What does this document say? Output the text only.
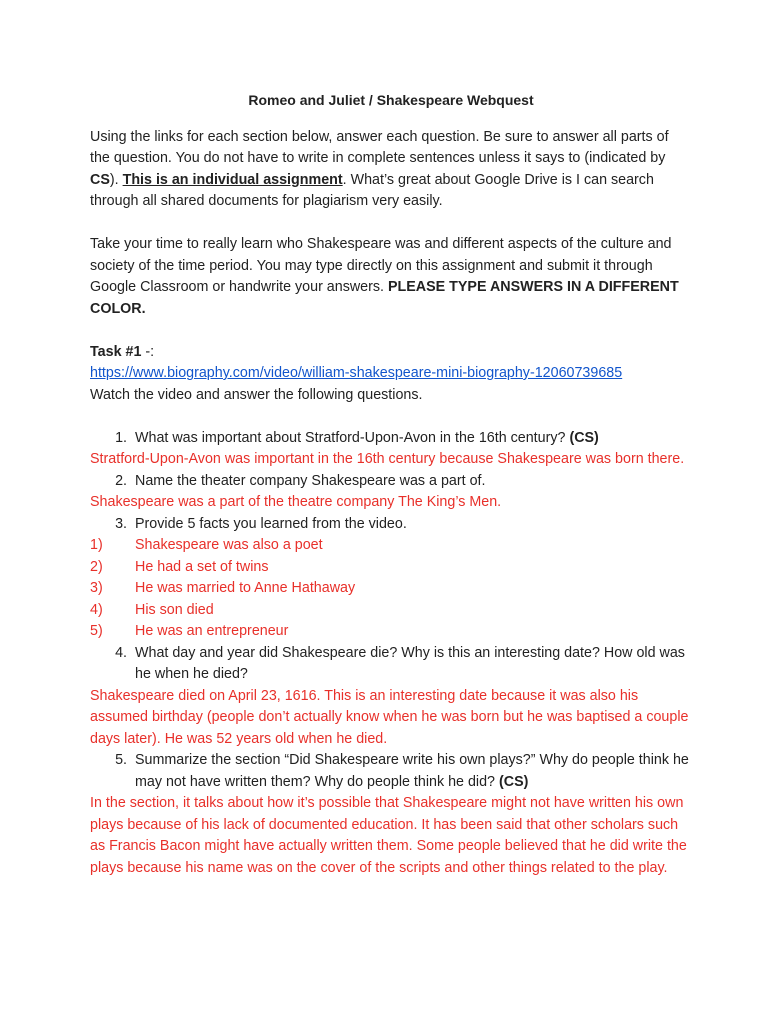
Romeo and Juliet / Shakespeare Webquest

Using the links for each section below, answer each question. Be sure to answer all parts of the question. You do not have to write in complete sentences unless it says to (indicated by CS). This is an individual assignment. What’s great about Google Drive is I can search through all shared documents for plagiarism very easily.

Take your time to really learn who Shakespeare was and different aspects of the culture and society of the time period. You may type directly on this assignment and submit it through Google Classroom or handwrite your answers. PLEASE TYPE ANSWERS IN A DIFFERENT COLOR.

Task #1 -:

https://www.biography.com/video/william-shakespeare-mini-biography-12060739685

Watch the video and answer the following questions.

1. What was important about Stratford-Upon-Avon in the 16th century? (CS)

Stratford-Upon-Avon was important in the 16th century because Shakespeare was born there.

2. Name the theater company Shakespeare was a part of.

Shakespeare was a part of the theatre company The King’s Men.

3. Provide 5 facts you learned from the video.
1)	Shakespeare was also a poet
2)	He had a set of twins
3)	He was married to Anne Hathaway
4)	His son died
5)	He was an entrepreneur
4. What day and year did Shakespeare die? Why is this an interesting date? How old was he when he died?

Shakespeare died on April 23, 1616. This is an interesting date because it was also his assumed birthday (people don’t actually know when he was born but he was baptised a couple days later). He was 52 years old when he died.

5. Summarize the section “Did Shakespeare write his own plays?” Why do people think he may not have written them? Why do people think he did? (CS)

In the section, it talks about how it’s possible that Shakespeare might not have written his own plays because of his lack of documented education. It has been said that other scholars such as Francis Bacon might have actually written them. Some people believed that he did write the plays because his name was on the cover of the scripts and other things related to the play.
